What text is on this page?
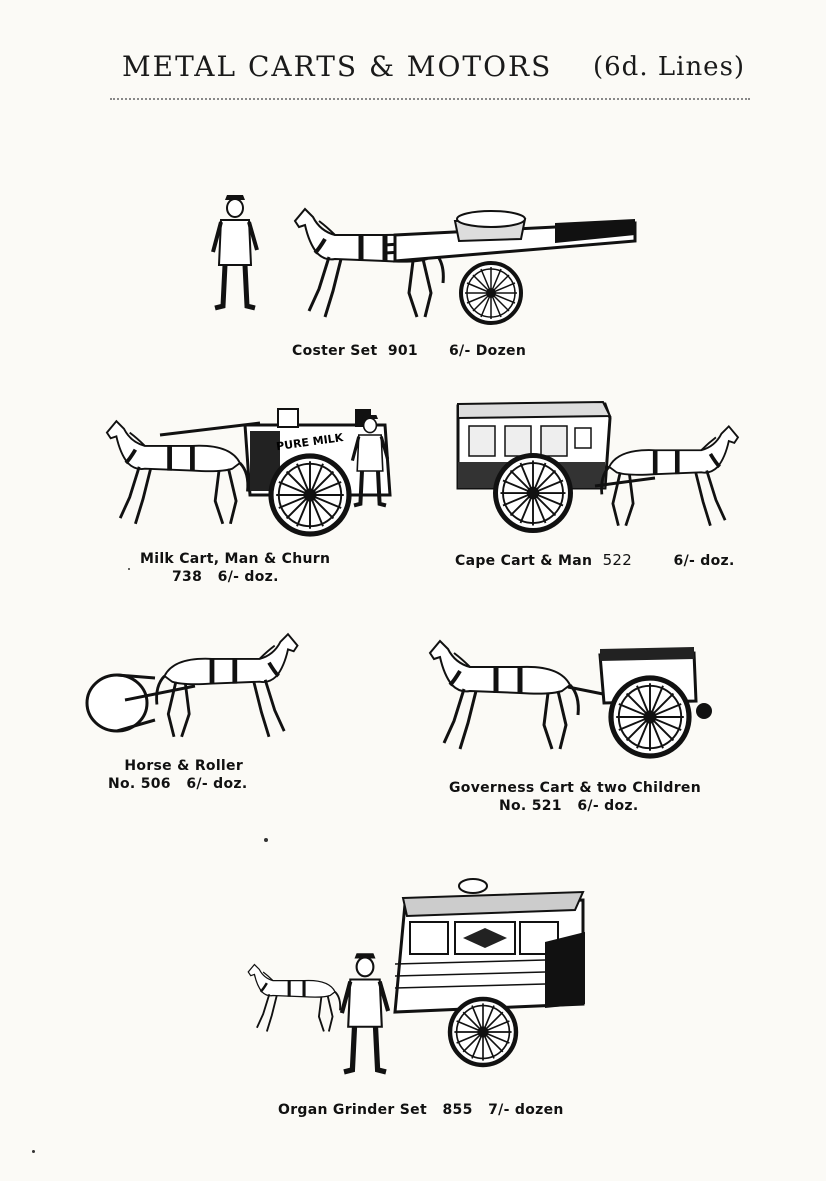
METAL CARTS & MOTORS (6d. Lines)
Coster Set 901 6/- Dozen
PURE MILK
Milk Cart, Man & Churn
738 6/- doz.
Cape Cart & Man 522	6/- doz.
Horse & Roller
No. 506 6/- doz.	Governess Cart & two Children
No. 521 6/- doz.
Organ Grinder Set 855 7/- dozen
